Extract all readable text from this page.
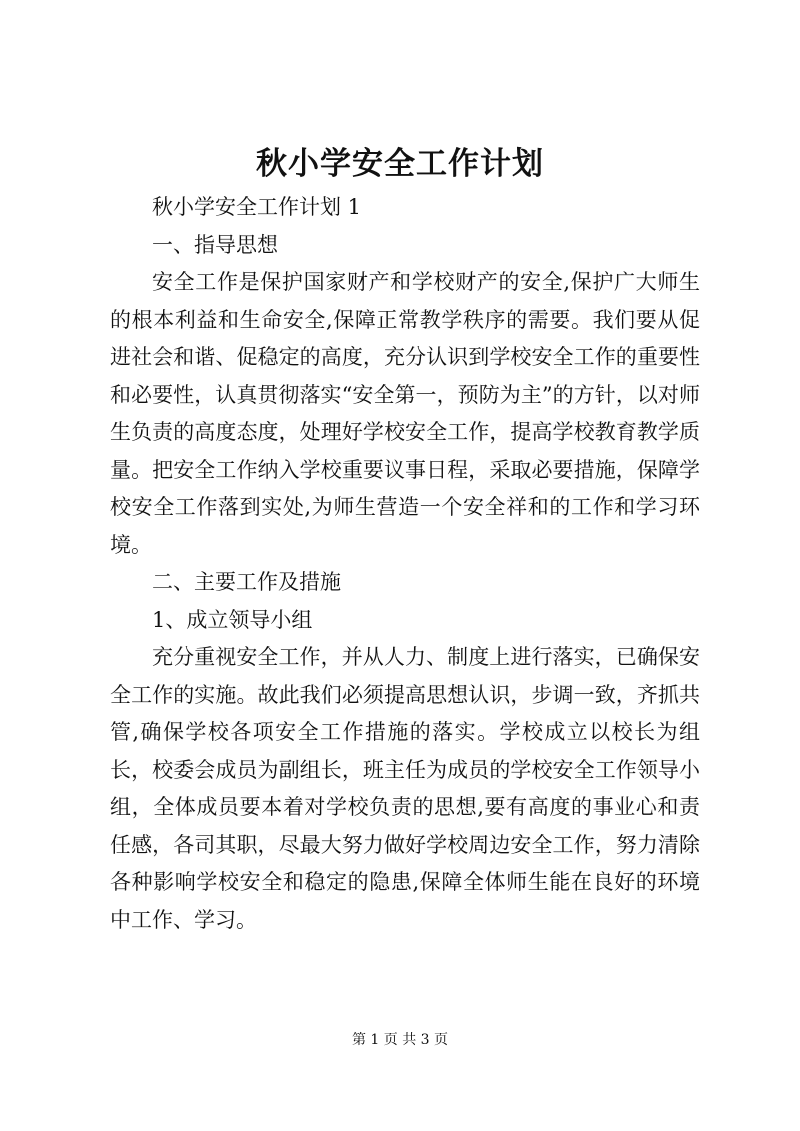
秋小学安全工作计划

秋小学安全工作计划 1

一、指导思想

安全工作是保护国家财产和学校财产的安全,保护广大师生的根本利益和生命安全,保障正常教学秩序的需要。我们要从促进社会和谐、促稳定的高度，充分认识到学校安全工作的重要性和必要性，认真贯彻落实“安全第一，预防为主”的方针，以对师生负责的高度态度，处理好学校安全工作，提高学校教育教学质量。把安全工作纳入学校重要议事日程，采取必要措施，保障学校安全工作落到实处,为师生营造一个安全祥和的工作和学习环境。

二、主要工作及措施

1、成立领导小组

充分重视安全工作，并从人力、制度上进行落实，已确保安全工作的实施。故此我们必须提高思想认识，步调一致，齐抓共管,确保学校各项安全工作措施的落实。学校成立以校长为组长，校委会成员为副组长，班主任为成员的学校安全工作领导小组，全体成员要本着对学校负责的思想,要有高度的事业心和责任感，各司其职，尽最大努力做好学校周边安全工作，努力清除各种影响学校安全和稳定的隐患,保障全体师生能在良好的环境中工作、学习。

第 1 页 共 3 页
